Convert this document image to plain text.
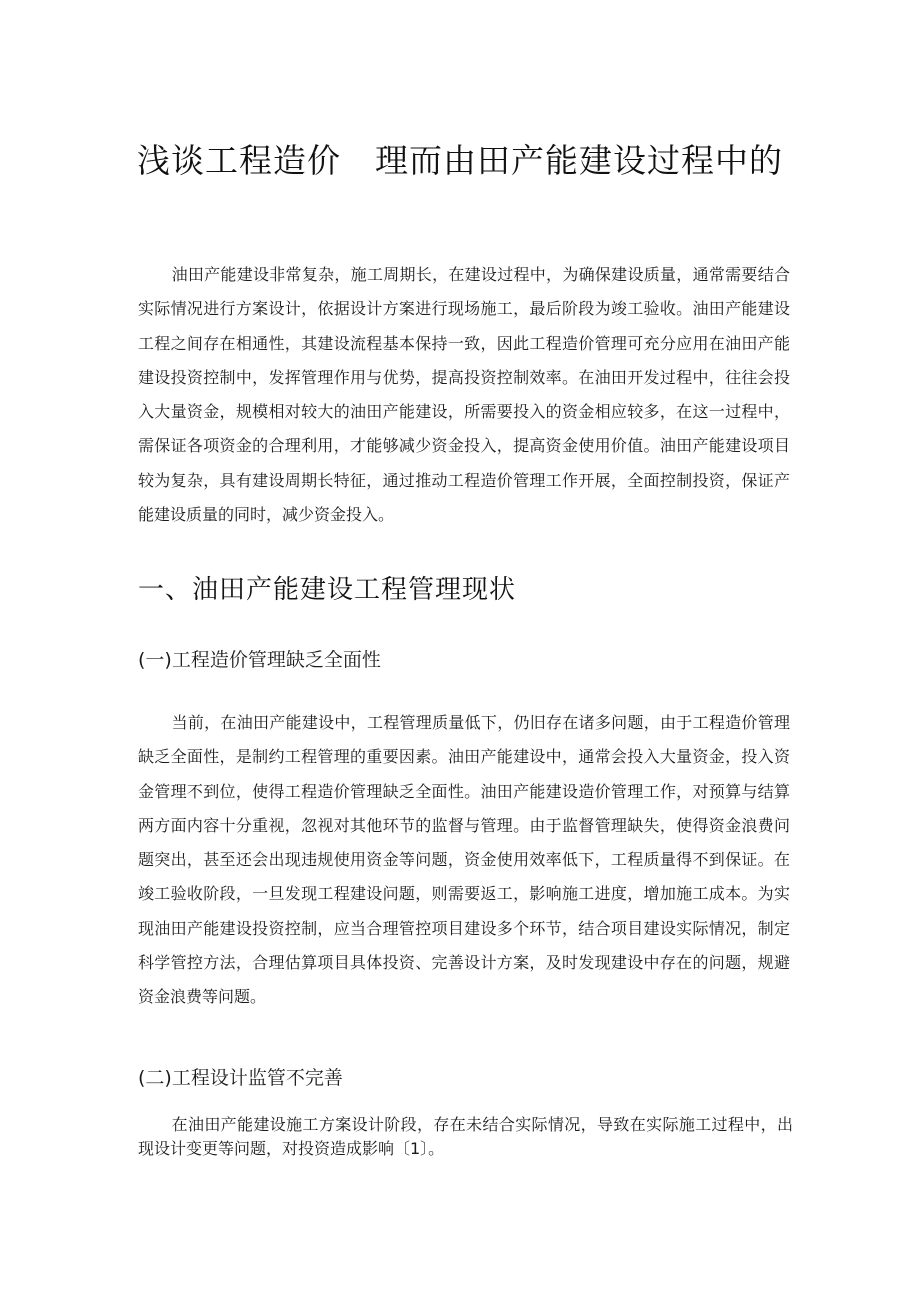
浅谈工程造价　理而由田产能建设过程中的

油田产能建设非常复杂，施工周期长，在建设过程中，为确保建设质量，通常需要结合实际情况进行方案设计，依据设计方案进行现场施工，最后阶段为竣工验收。油田产能建设工程之间存在相通性，其建设流程基本保持一致，因此工程造价管理可充分应用在油田产能建设投资控制中，发挥管理作用与优势，提高投资控制效率。在油田开发过程中，往往会投入大量资金，规模相对较大的油田产能建设，所需要投入的资金相应较多，在这一过程中，需保证各项资金的合理利用，才能够减少资金投入，提高资金使用价值。油田产能建设项目较为复杂，具有建设周期长特征，通过推动工程造价管理工作开展，全面控制投资，保证产能建设质量的同时，减少资金投入。

一、油田产能建设工程管理现状
(一)工程造价管理缺乏全面性

当前，在油田产能建设中，工程管理质量低下，仍旧存在诸多问题，由于工程造价管理缺乏全面性，是制约工程管理的重要因素。油田产能建设中，通常会投入大量资金，投入资金管理不到位，使得工程造价管理缺乏全面性。油田产能建设造价管理工作，对预算与结算两方面内容十分重视，忽视对其他环节的监督与管理。由于监督管理缺失，使得资金浪费问题突出，甚至还会出现违规使用资金等问题，资金使用效率低下，工程质量得不到保证。在竣工验收阶段，一旦发现工程建设问题，则需要返工，影响施工进度，增加施工成本。为实现油田产能建设投资控制，应当合理管控项目建设多个环节，结合项目建设实际情况，制定科学管控方法，合理估算项目具体投资、完善设计方案，及时发现建设中存在的问题，规避资金浪费等问题。

(二)工程设计监管不完善

在油田产能建设施工方案设计阶段，存在未结合实际情况，导致在实际施工过程中，出现设计变更等问题，对投资造成影响〔1〕。
